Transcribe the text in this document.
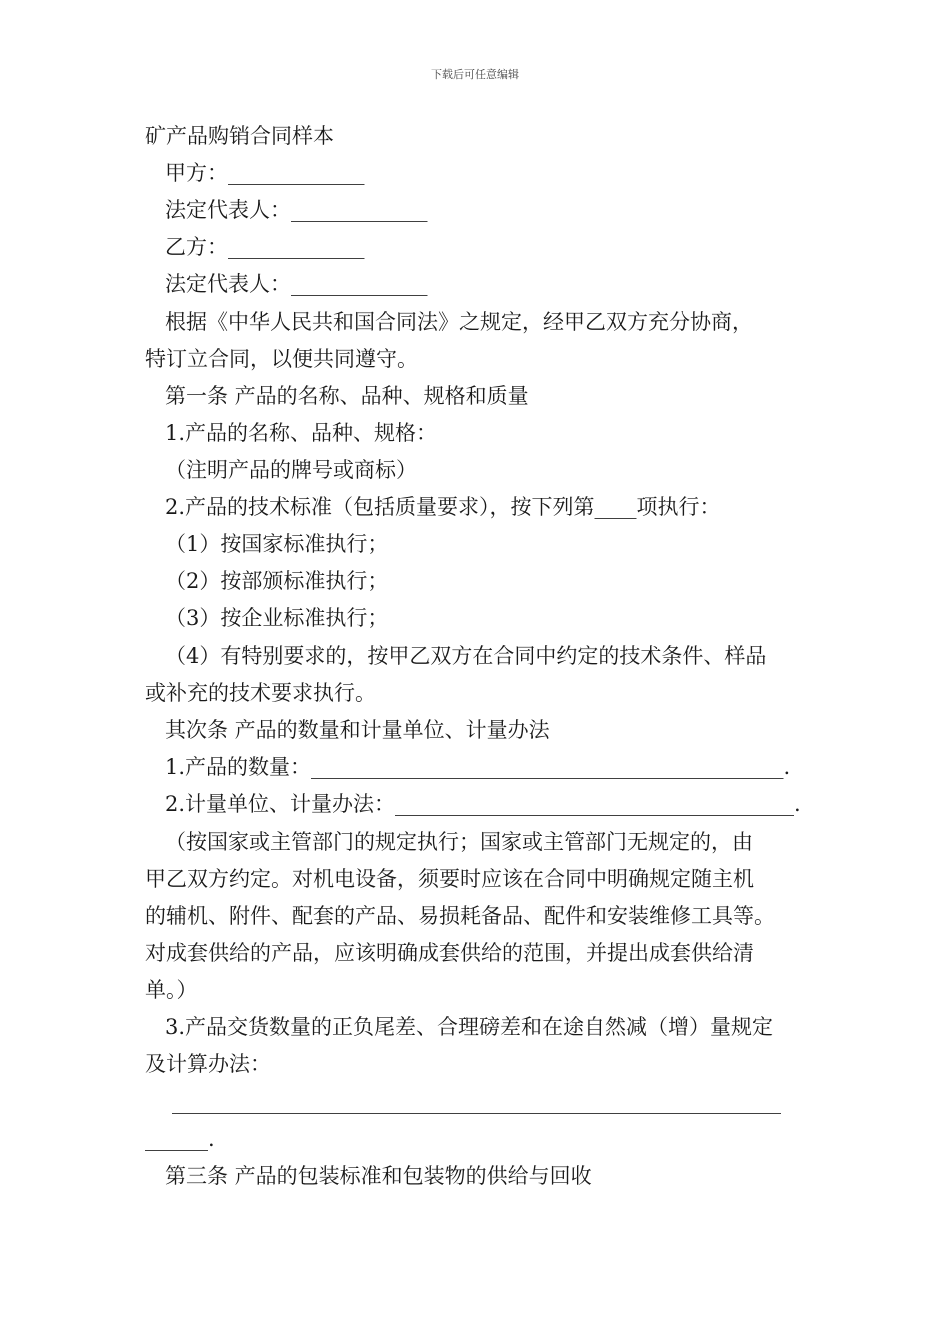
下载后可任意编辑
矿产品购销合同样本
甲方：_____________
法定代表人：_____________
乙方：_____________
法定代表人：_____________
根据《中华人民共和国合同法》之规定，经甲乙双方充分协商，
特订立合同，以便共同遵守。
第一条 产品的名称、品种、规格和质量
1.产品的名称、品种、规格：
（注明产品的牌号或商标）
2.产品的技术标准（包括质量要求），按下列第____项执行：
（1）按国家标准执行；
（2）按部颁标准执行；
（3）按企业标准执行；
（4）有特别要求的，按甲乙双方在合同中约定的技术条件、样品
或补充的技术要求执行。
其次条 产品的数量和计量单位、计量办法
1.产品的数量：_____________________________________________.
2.计量单位、计量办法：______________________________________.
（按国家或主管部门的规定执行；国家或主管部门无规定的，由
甲乙双方约定。对机电设备，须要时应该在合同中明确规定随主机
的辅机、附件、配套的产品、易损耗备品、配件和安装维修工具等。
对成套供给的产品，应该明确成套供给的范围，并提出成套供给清
单。）
3.产品交货数量的正负尾差、合理磅差和在途自然减（增）量规定
及计算办法：
__________________________________________________________
______.
第三条 产品的包装标准和包装物的供给与回收
